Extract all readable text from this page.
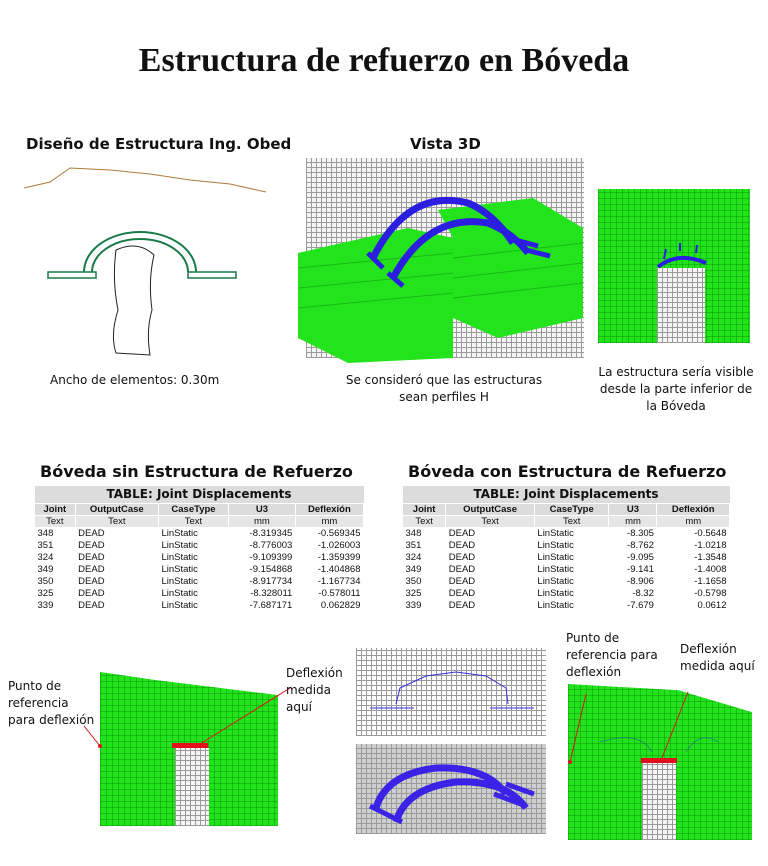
Estructura de refuerzo en Bóveda
Diseño de Estructura Ing. Obed
Ancho de elementos: 0.30m
Vista 3D
Se consideró que las estructuras
sean perfiles H
La estructura sería visible
desde la parte inferior de
la Bóveda
Bóveda sin Estructura de Refuerzo
TABLE: Joint Displacements				
Joint	OutputCase	CaseType	U3	Deflexión
Text	Text	Text	mm	mm
348	DEAD	LinStatic	-8.319345	-0.569345
351	DEAD	LinStatic	-8.776003	-1.026003
324	DEAD	LinStatic	-9.109399	-1.359399
349	DEAD	LinStatic	-9.154868	-1.404868
350	DEAD	LinStatic	-8.917734	-1.167734
325	DEAD	LinStatic	-8.328011	-0.578011
339	DEAD	LinStatic	-7.687171	0.062829
Bóveda con Estructura de Refuerzo
TABLE: Joint Displacements				
Joint	OutputCase	CaseType	U3	Deflexión
Text	Text	Text	mm	mm
348	DEAD	LinStatic	-8.305	-0.5648
351	DEAD	LinStatic	-8.762	-1.0218
324	DEAD	LinStatic	-9.095	-1.3548
349	DEAD	LinStatic	-9.141	-1.4008
350	DEAD	LinStatic	-8.906	-1.1658
325	DEAD	LinStatic	-8.32	-0.5798
339	DEAD	LinStatic	-7.679	0.0612
Punto de
referencia
para deflexión
Deflexión
medida
aquí
Punto de
referencia para
deflexión
Deflexión
medida aquí
